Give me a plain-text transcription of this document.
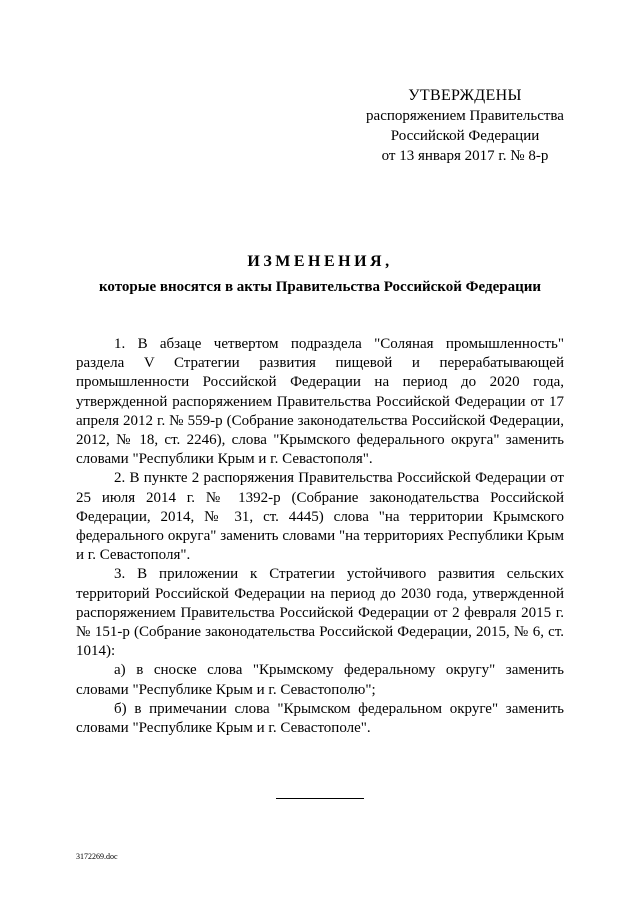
УТВЕРЖДЕНЫ
распоряжением Правительства
Российской Федерации
от 13 января 2017 г. № 8-р
ИЗМЕНЕНИЯ,
которые вносятся в акты Правительства Российской Федерации

1. В абзаце четвертом подраздела "Соляная промышленность" раздела V Стратегии развития пищевой и перерабатывающей промышленности Российской Федерации на период до 2020 года, утвержденной распоряжением Правительства Российской Федерации от 17 апреля 2012 г. № 559-р (Собрание законодательства Российской Федерации, 2012, № 18, ст. 2246), слова "Крымского федерального округа" заменить словами "Республики Крым и г. Севастополя".

2. В пункте 2 распоряжения Правительства Российской Федерации от 25 июля 2014 г. № 1392-р (Собрание законодательства Российской Федерации, 2014, № 31, ст. 4445) слова "на территории Крымского федерального округа" заменить словами "на территориях Республики Крым и г. Севастополя".

3. В приложении к Стратегии устойчивого развития сельских территорий Российской Федерации на период до 2030 года, утвержденной распоряжением Правительства Российской Федерации от 2 февраля 2015 г. № 151-р (Собрание законодательства Российской Федерации, 2015, № 6, ст. 1014):

а) в сноске слова "Крымскому федеральному округу" заменить словами "Республике Крым и г. Севастополю";

б) в примечании слова "Крымском федеральном округе" заменить словами "Республике Крым и г. Севастополе".

3172269.doc
